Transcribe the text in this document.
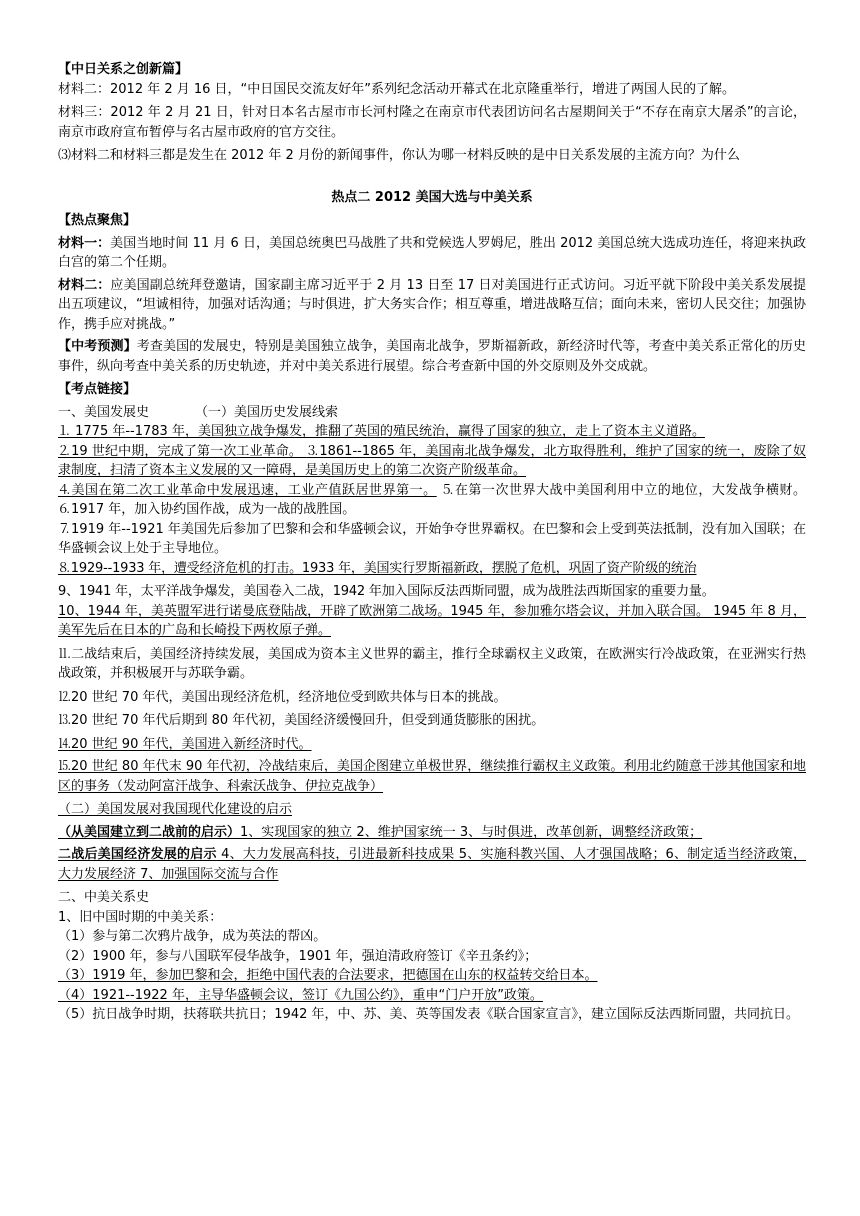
【中日关系之创新篇】

材料二：2012 年 2 月 16 日，“中日国民交流友好年”系列纪念活动开幕式在北京隆重举行，增进了两国人民的了解。

材料三：2012 年 2 月 21 日，针对日本名古屋市市长河村隆之在南京市代表团访问名古屋期间关于“不存在南京大屠杀”的言论，南京市政府宣布暂停与名古屋市政府的官方交往。

⑶材料二和材料三都是发生在 2012 年 2 月份的新闻事件，你认为哪一材料反映的是中日关系发展的主流方向？为什么

热点二 2012 美国大选与中美关系

【热点聚焦】

材料一：美国当地时间 11 月 6 日，美国总统奥巴马战胜了共和党候选人罗姆尼，胜出 2012 美国总统大选成功连任，将迎来执政白宫的第二个任期。

材料二：应美国副总统拜登邀请，国家副主席习近平于 2 月 13 日至 17 日对美国进行正式访问。习近平就下阶段中美关系发展提出五项建议，“坦诚相待，加强对话沟通；与时俱进，扩大务实合作；相互尊重，增进战略互信；面向未来，密切人民交往；加强协作，携手应对挑战。”

【中考预测】考查美国的发展史，特别是美国独立战争，美国南北战争，罗斯福新政，新经济时代等，考查中美关系正常化的历史事件，纵向考查中美关系的历史轨迹，并对中美关系进行展望。综合考查新中国的外交原则及外交成就。

【考点链接】

一、美国发展史	（一）美国历史发展线索

⒈ 1775 年--1783 年，美国独立战争爆发，推翻了英国的殖民统治，赢得了国家的独立，走上了资本主义道路。

⒉19 世纪中期，完成了第一次工业革命。 ⒊1861--1865 年，美国南北战争爆发，北方取得胜利，维护了国家的统一，废除了奴隶制度，扫清了资本主义发展的又一障碍，是美国历史上的第二次资产阶级革命。

⒋美国在第二次工业革命中发展迅速，工业产值跃居世界第一。 ⒌在第一次世界大战中美国利用中立的地位，大发战争横财。 ⒍1917 年，加入协约国作战，成为一战的战胜国。

⒎1919 年--1921 年美国先后参加了巴黎和会和华盛顿会议，开始争夺世界霸权。在巴黎和会上受到英法抵制，没有加入国联；在华盛顿会议上处于主导地位。

⒏1929--1933 年，遭受经济危机的打击。1933 年，美国实行罗斯福新政，摆脱了危机，巩固了资产阶级的统治

9、1941 年，太平洋战争爆发，美国卷入二战，1942 年加入国际反法西斯同盟，成为战胜法西斯国家的重要力量。

10、1944 年，美英盟军进行诺曼底登陆战，开辟了欧洲第二战场。1945 年，参加雅尔塔会议，并加入联合国。 1945 年 8 月，美军先后在日本的广岛和长崎投下两枚原子弹。

⒒二战结束后，美国经济持续发展，美国成为资本主义世界的霸主，推行全球霸权主义政策，在欧洲实行冷战政策，在亚洲实行热战政策，并积极展开与苏联争霸。

⒓20 世纪 70 年代，美国出现经济危机，经济地位受到欧共体与日本的挑战。

⒔20 世纪 70 年代后期到 80 年代初，美国经济缓慢回升，但受到通货膨胀的困扰。

⒕20 世纪 90 年代，美国进入新经济时代。

⒖20 世纪 80 年代末 90 年代初，冷战结束后，美国企图建立单极世界，继续推行霸权主义政策。利用北约随意干涉其他国家和地区的事务（发动阿富汗战争、科索沃战争、伊拉克战争）

（二）美国发展对我国现代化建设的启示

（从美国建立到二战前的启示）1、实现国家的独立 2、维护国家统一 3、与时俱进，改革创新，调整经济政策；

二战后美国经济发展的启示 4、大力发展高科技，引进最新科技成果 5、实施科教兴国、人才强国战略；6、制定适当经济政策，大力发展经济 7、加强国际交流与合作

二、中美关系史

1、旧中国时期的中美关系：

（1）参与第二次鸦片战争，成为英法的帮凶。

（2）1900 年，参与八国联军侵华战争，1901 年，强迫清政府签订《辛丑条约》；

（3）1919 年，参加巴黎和会，拒绝中国代表的合法要求，把德国在山东的权益转交给日本。

（4）1921--1922 年，主导华盛顿会议，签订《九国公约》，重申“门户开放”政策。

（5）抗日战争时期，扶蒋联共抗日；1942 年，中、苏、美、英等国发表《联合国家宣言》，建立国际反法西斯同盟，共同抗日。
